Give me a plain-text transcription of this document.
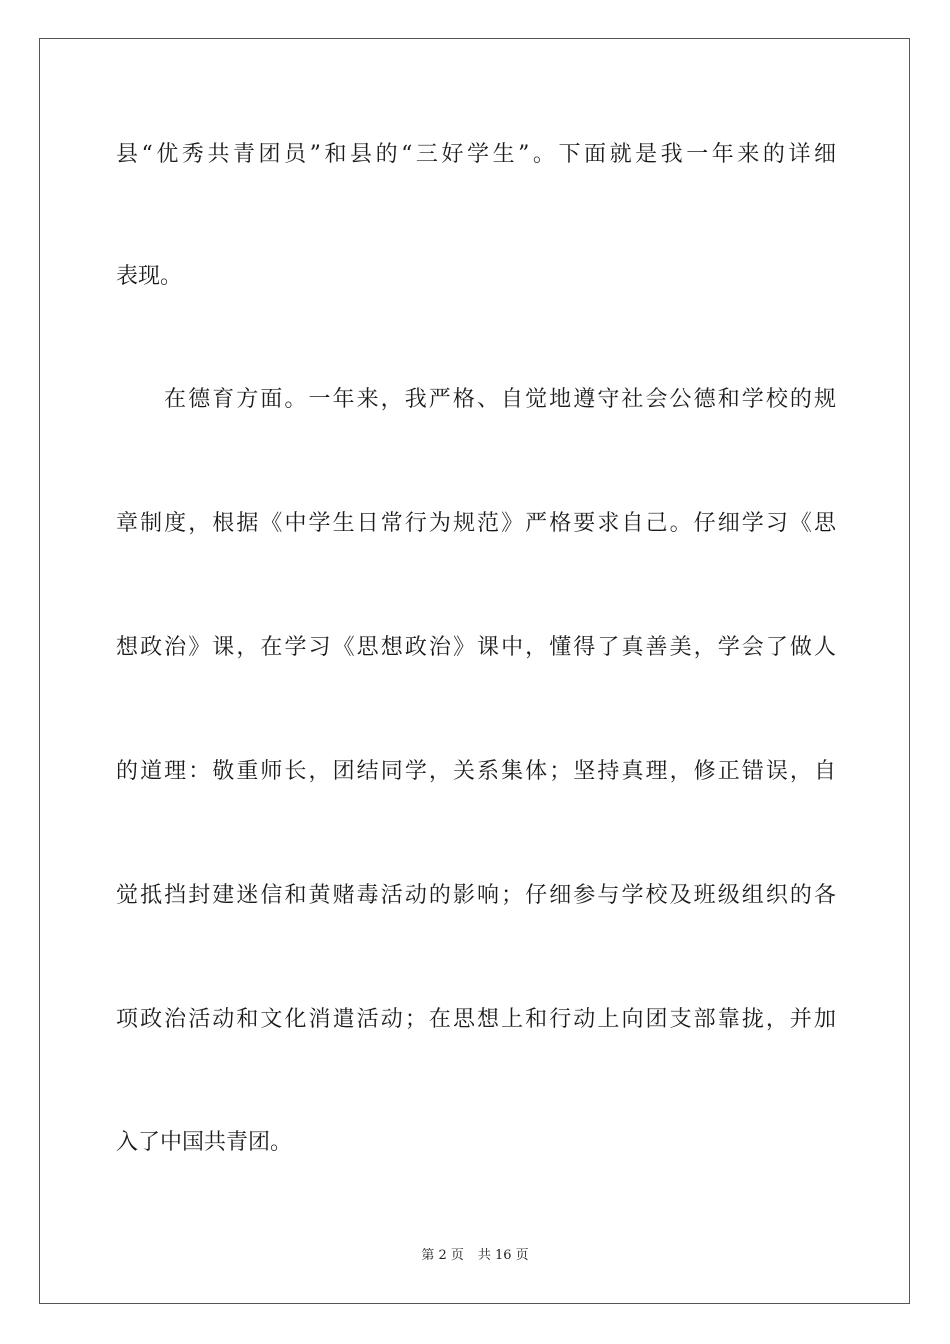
县“优秀共青团员”和县的“三好学生”。下面就是我一年来的详细
表现。
在德育方面。一年来，我严格、自觉地遵守社会公德和学校的规
章制度，根据《中学生日常行为规范》严格要求自己。仔细学习《思
想政治》课，在学习《思想政治》课中，懂得了真善美，学会了做人
的道理：敬重师长，团结同学，关系集体；坚持真理，修正错误，自
觉抵挡封建迷信和黄赌毒活动的影响；仔细参与学校及班级组织的各
项政治活动和文化消遣活动；在思想上和行动上向团支部靠拢，并加
入了中国共青团。
第 2 页 共 16 页
